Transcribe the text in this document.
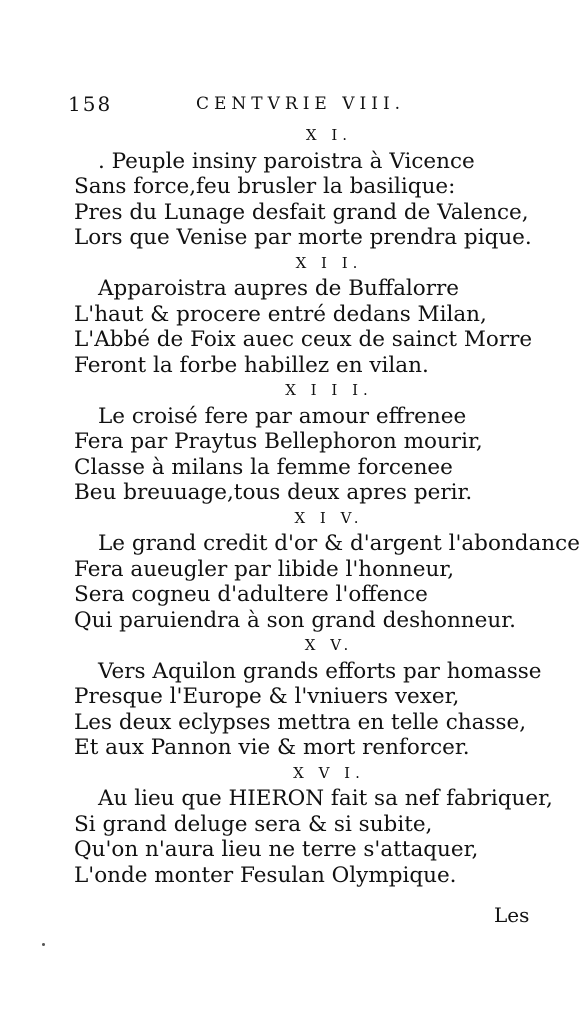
158	CENTVRIE VIII.
X I.
. Peuple insiny paroistra à Vicence
Sans force,feu brusler la basilique:
Pres du Lunage desfait grand de Valence,
Lors que Venise par morte prendra pique.
X I I.
Apparoistra aupres de Buffalorre
L'haut & procere entré dedans Milan,
L'Abbé de Foix auec ceux de sainct Morre
Feront la forbe habillez en vilan.
X I I I.
Le croisé fere par amour effrenee
Fera par Praytus Bellephoron mourir,
Classe à milans la femme forcenee
Beu breuuage,tous deux apres perir.
X I V.
Le grand credit d'or & d'argent l'abondance
Fera aueugler par libide l'honneur,
Sera cogneu d'adultere l'offence
Qui paruiendra à son grand deshonneur.
X V.
Vers Aquilon grands efforts par homasse
Presque l'Europe & l'vniuers vexer,
Les deux eclypses mettra en telle chasse,
Et aux Pannon vie & mort renforcer.
X V I.
Au lieu que HIERON fait sa nef fabriquer,
Si grand deluge sera & si subite,
Qu'on n'aura lieu ne terre s'attaquer,
L'onde monter Fesulan Olympique.
Les
